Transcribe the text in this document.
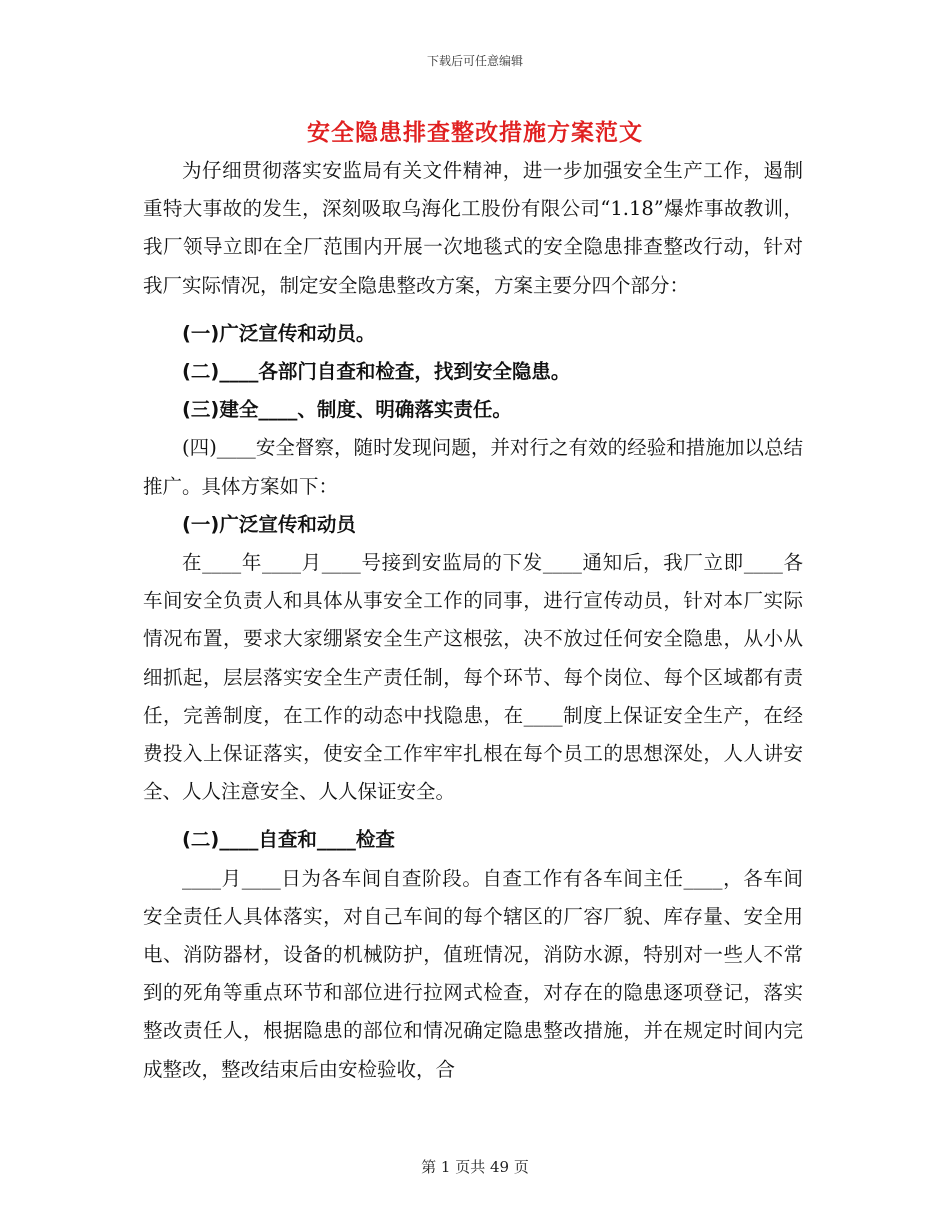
下载后可任意编辑
安全隐患排查整改措施方案范文

为仔细贯彻落实安监局有关文件精神，进一步加强安全生产工作，遏制重特大事故的发生，深刻吸取乌海化工股份有限公司“1.18”爆炸事故教训，我厂领导立即在全厂范围内开展一次地毯式的安全隐患排查整改行动，针对我厂实际情况，制定安全隐患整改方案，方案主要分四个部分：

(一)广泛宣传和动员。

(二)____各部门自查和检查，找到安全隐患。

(三)建全____、制度、明确落实责任。

(四)____安全督察，随时发现问题，并对行之有效的经验和措施加以总结推广。具体方案如下：

(一)广泛宣传和动员

在____年____月____号接到安监局的下发____通知后，我厂立即____各车间安全负责人和具体从事安全工作的同事，进行宣传动员，针对本厂实际情况布置，要求大家绷紧安全生产这根弦，决不放过任何安全隐患，从小从细抓起，层层落实安全生产责任制，每个环节、每个岗位、每个区域都有责任，完善制度，在工作的动态中找隐患，在____制度上保证安全生产，在经费投入上保证落实，使安全工作牢牢扎根在每个员工的思想深处，人人讲安全、人人注意安全、人人保证安全。

(二)____自查和____检查

____月____日为各车间自查阶段。自查工作有各车间主任____，各车间安全责任人具体落实，对自己车间的每个辖区的厂容厂貌、库存量、安全用电、消防器材，设备的机械防护，值班情况，消防水源，特别对一些人不常到的死角等重点环节和部位进行拉网式检查，对存在的隐患逐项登记，落实整改责任人，根据隐患的部位和情况确定隐患整改措施，并在规定时间内完成整改，整改结束后由安检验收，合

第 1 页共 49 页
